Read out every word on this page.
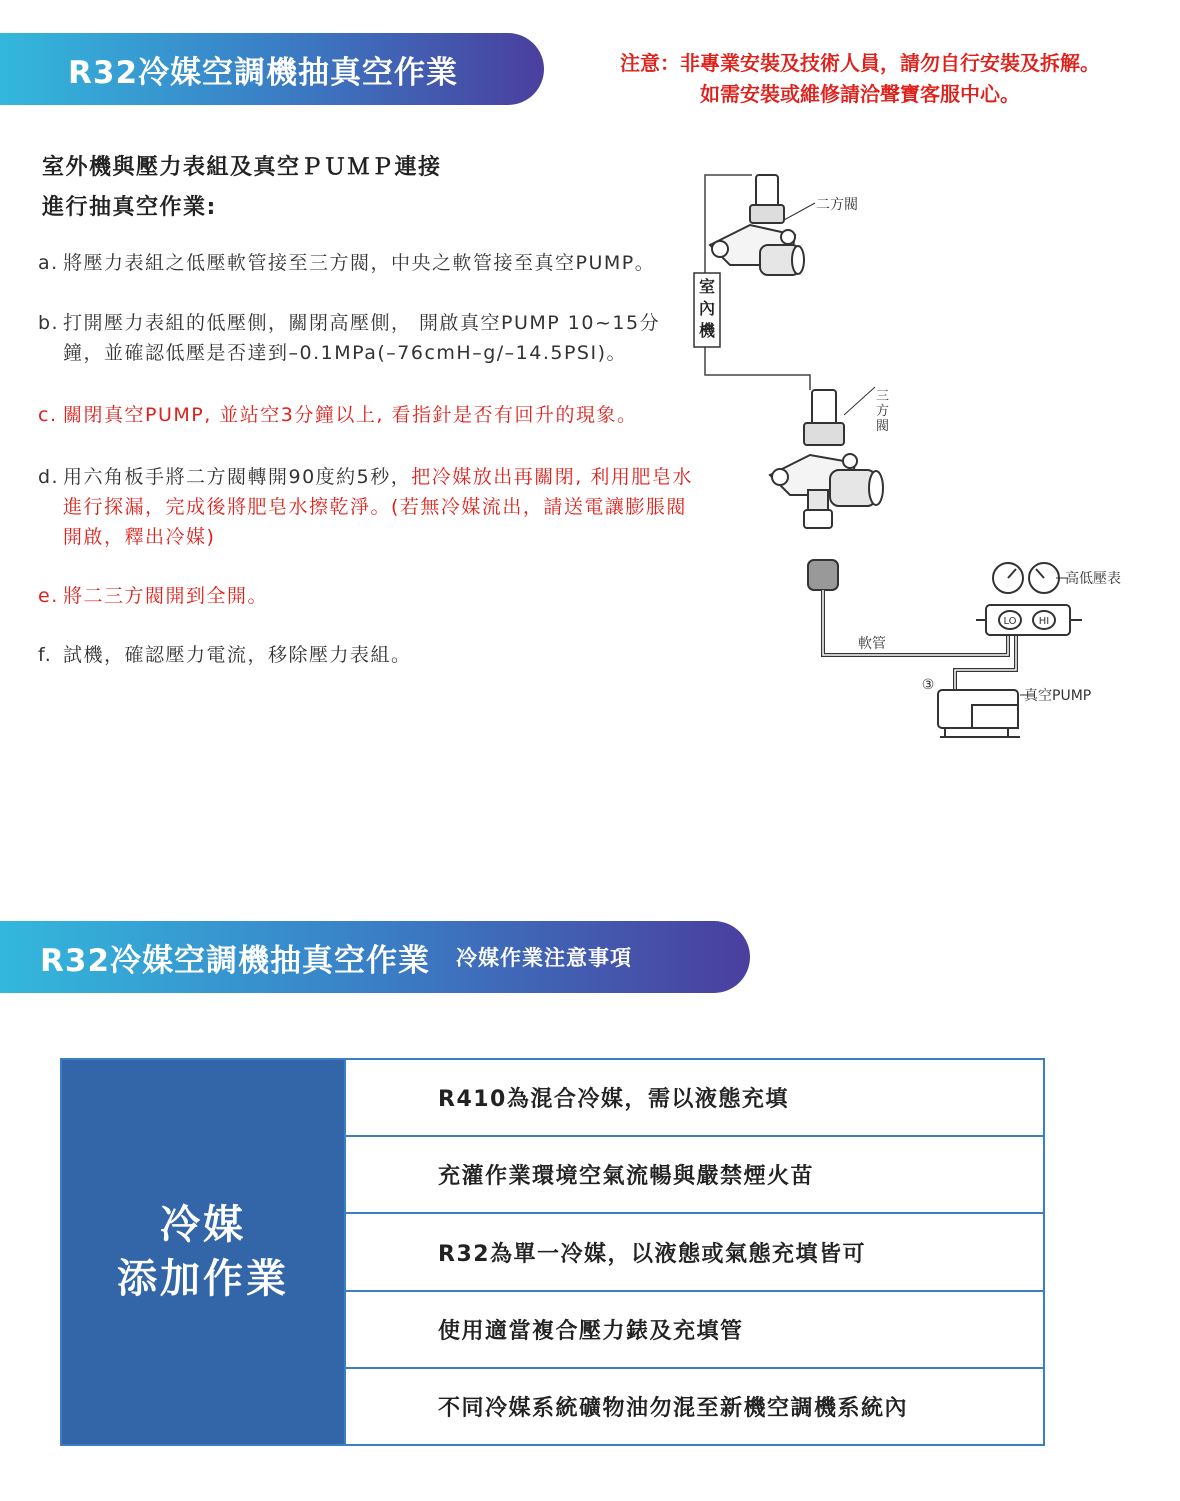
R32冷媒空調機抽真空作業	注意：非專業安裝及技術人員，請勿自行安裝及拆解。
如需安裝或維修請洽聲寶客服中心。
室外機與壓力表組及真空ＰＵＭＰ連接
進行抽真空作業:
a. 將壓力表組之低壓軟管接至三方閥，中央之軟管接至真空PUMP。
b. 打開壓力表組的低壓側，關閉高壓側， 開啟真空PUMP 10~15分鐘，並確認低壓是否達到–0.1MPa(–76cmH–g/–14.5PSI)。
c. 關閉真空PUMP, 並站空3分鐘以上, 看指針是否有回升的現象。
d. 用六角板手將二方閥轉開90度約5秒，把冷媒放出再關閉, 利用肥皂水進行探漏，完成後將肥皂水擦乾淨。(若無冷媒流出，請送電讓膨脹閥開啟，釋出冷媒)
e. 將二三方閥開到全開。
f. 試機，確認壓力電流，移除壓力表組。
室
內
機
二方閥
三
方
閥
軟管
LO HI
高低壓表
③
真空PUMP
R32冷媒空調機抽真空作業 冷媒作業注意事項
冷媒
添加作業
R410為混合冷媒，需以液態充填
充灌作業環境空氣流暢與嚴禁煙火苗
R32為單一冷媒，以液態或氣態充填皆可
使用適當複合壓力錶及充填管
不同冷媒系統礦物油勿混至新機空調機系統內
